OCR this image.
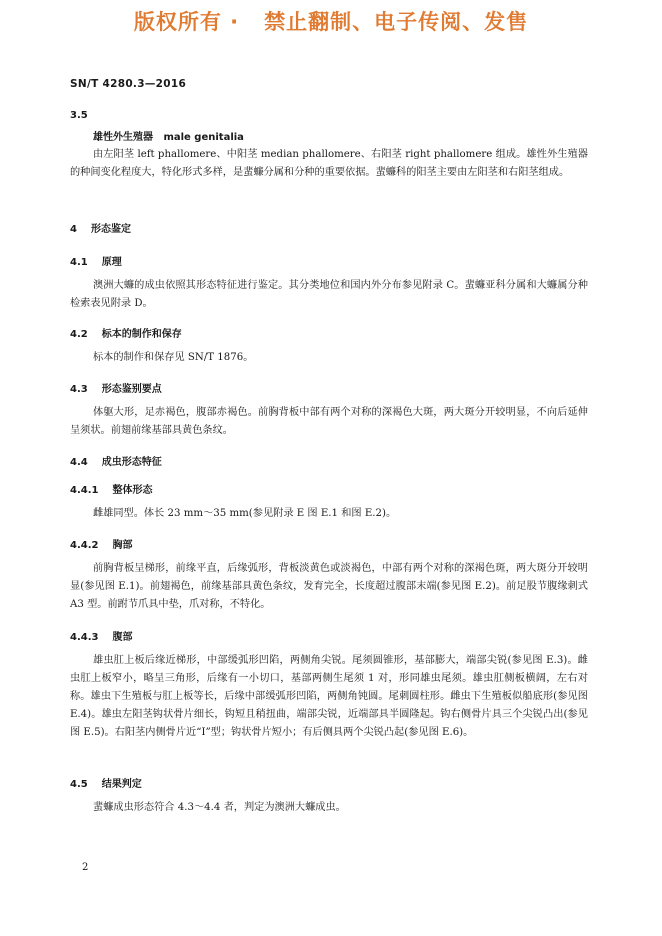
版权所有 ·   禁止翻制、电子传阅、发售
SN/T 4280.3—2016
3.5
雄性外生殖器   male genitalia
由左阳茎 left phallomere、中阳茎 median phallomere、右阳茎 right phallomere 组成。雄性外生殖器的种间变化程度大，特化形式多样，是蜚蠊分属和分种的重要依据。蜚蠊科的阳茎主要由左阳茎和右阳茎组成。
4 形态鉴定
4.1 原理
澳洲大蠊的成虫依照其形态特征进行鉴定。其分类地位和国内外分布参见附录 C。蜚蠊亚科分属和大蠊属分种检索表见附录 D。
4.2 标本的制作和保存
标本的制作和保存见 SN/T 1876。
4.3 形态鉴别要点
体躯大形，足赤褐色，腹部赤褐色。前胸背板中部有两个对称的深褐色大斑，两大斑分开较明显，不向后延伸呈须状。前翅前缘基部具黄色条纹。
4.4 成虫形态特征
4.4.1 整体形态
雌雄同型。体长 23 mm～35 mm(参见附录 E 图 E.1 和图 E.2)。
4.4.2 胸部
前胸背板呈梯形，前缘平直，后缘弧形，背板淡黄色或淡褐色，中部有两个对称的深褐色斑，两大斑分开较明显(参见图 E.1)。前翅褐色，前缘基部具黄色条纹，发育完全，长度超过腹部末端(参见图 E.2)。前足股节腹缘刺式 A3 型。前跗节爪具中垫，爪对称，不特化。
4.4.3 腹部
雄虫肛上板后缘近梯形，中部缓弧形凹陷，两侧角尖锐。尾须圆锥形，基部膨大，端部尖锐(参见图 E.3)。雌虫肛上板窄小，略呈三角形，后缘有一小切口，基部两侧生尾须 1 对，形同雄虫尾须。雄虫肛侧板横阔，左右对称。雄虫下生殖板与肛上板等长，后缘中部缓弧形凹陷，两侧角钝圆。尾刺圆柱形。雌虫下生殖板似船底形(参见图 E.4)。雄虫左阳茎钩状骨片细长，钩短且稍扭曲，端部尖锐，近端部具半圆隆起。钩右侧骨片具三个尖锐凸出(参见图 E.5)。右阳茎内侧骨片近“I”型；钩状骨片短小；有后侧具两个尖锐凸起(参见图 E.6)。
4.5 结果判定
蜚蠊成虫形态符合 4.3～4.4 者，判定为澳洲大蠊成虫。
2
